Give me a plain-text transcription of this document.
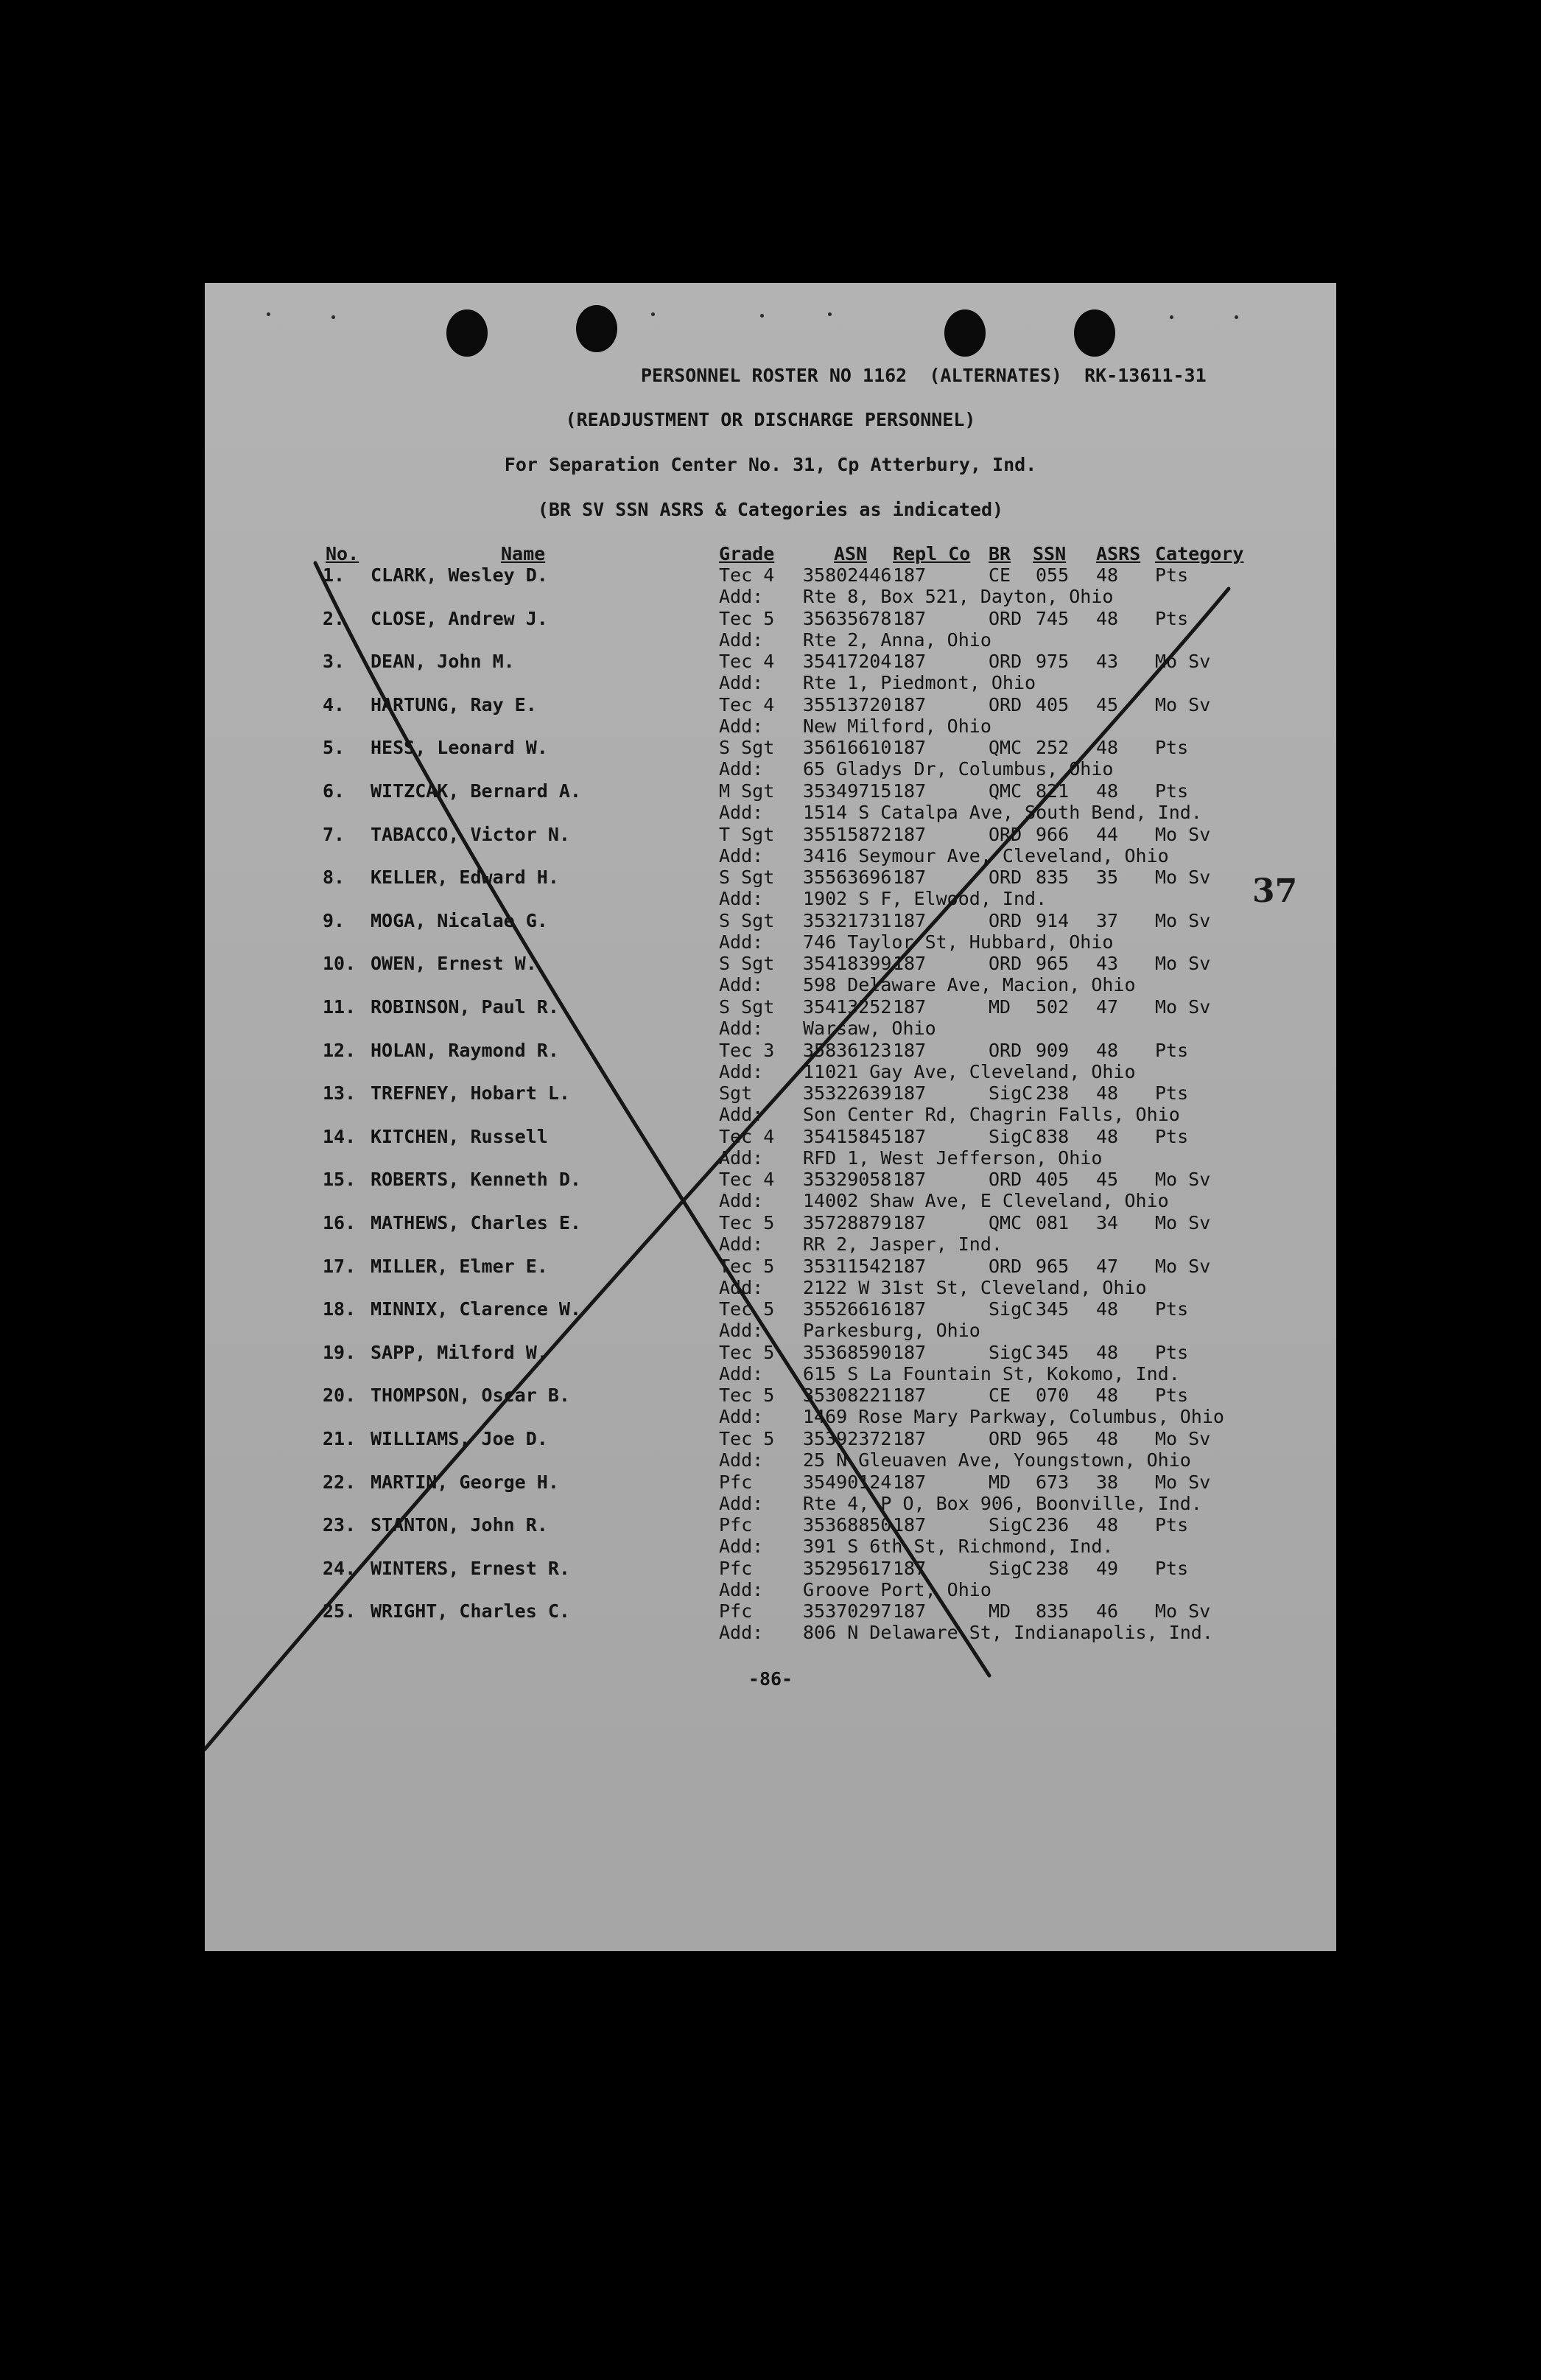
PERSONNEL ROSTER NO 1162 (ALTERNATES) RK-13611-31
(READJUSTMENT OR DISCHARGE PERSONNEL)
For Separation Center No. 31, Cp Atterbury, Ind.
(BR SV SSN ASRS & Categories as indicated)
No.	Name	Grade	ASN Repl Co BR SSN ASRS Category
1. CLARK, Wesley D.	Tec 4 35802446 187	CE 055 48 Pts
Add: Rte 8, Box 521, Dayton, Ohio
2. CLOSE, Andrew J.	Tec 5 35635678 187	ORD 745 48 Pts
Add: Rte 2, Anna, Ohio
3. DEAN, John M.	Tec 4 35417204 187	ORD 975 43 Mo Sv
Add: Rte 1, Piedmont, Ohio
4. HARTUNG, Ray E.	Tec 4 35513720 187	ORD 405 45 Mo Sv
Add: New Milford, Ohio
5. HESS, Leonard W.	S Sgt 35616610 187	QMC 252 48 Pts
Add: 65 Gladys Dr, Columbus, Ohio
6. WITZCAK, Bernard A.	M Sgt 35349715 187	QMC 821 48 Pts
Add: 1514 S Catalpa Ave, South Bend, Ind.
7. TABACCO, Victor N.	T Sgt 35515872 187	ORD 966 44 Mo Sv
Add: 3416 Seymour Ave, Cleveland, Ohio
8. KELLER, Edward H.	S Sgt 35563696 187	ORD 835 35 Mo Sv
Add: 1902 S F, Elwood, Ind.
9. MOGA, Nicalae G.	S Sgt 35321731 187	ORD 914 37 Mo Sv
Add: 746 Taylor St, Hubbard, Ohio
10. OWEN, Ernest W.	S Sgt 35418399 187	ORD 965 43 Mo Sv
Add: 598 Delaware Ave, Macion, Ohio
11. ROBINSON, Paul R.	S Sgt 35413252 187	MD 502 47 Mo Sv
Add: Warsaw, Ohio
12. HOLAN, Raymond R.	Tec 3 35836123 187	ORD 909 48 Pts
Add: 11021 Gay Ave, Cleveland, Ohio
13. TREFNEY, Hobart L.	Sgt	35322639 187	SigC 238 48 Pts
Add: Son Center Rd, Chagrin Falls, Ohio
14. KITCHEN, Russell	Tec 4 35415845 187	SigC 838 48 Pts
Add: RFD 1, West Jefferson, Ohio
15. ROBERTS, Kenneth D.	Tec 4 35329058 187	ORD 405 45 Mo Sv
Add: 14002 Shaw Ave, E Cleveland, Ohio
16. MATHEWS, Charles E.	Tec 5 35728879 187	QMC 081 34 Mo Sv
Add: RR 2, Jasper, Ind.
17. MILLER, Elmer E.	Tec 5 35311542 187	ORD 965 47 Mo Sv
Add: 2122 W 31st St, Cleveland, Ohio
18. MINNIX, Clarence W.	Tec 5 35526616 187	SigC 345 48 Pts
Add: Parkesburg, Ohio
19. SAPP, Milford W.	Tec 5 35368590 187	SigC 345 48 Pts
Add: 615 S La Fountain St, Kokomo, Ind.
20. THOMPSON, Oscar B.	Tec 5 35308221 187	CE 070 48 Pts
Add: 1469 Rose Mary Parkway, Columbus, Ohio
21. WILLIAMS, Joe D.	Tec 5 35392372 187	ORD 965 48 Mo Sv
Add: 25 N Gleuaven Ave, Youngstown, Ohio
22. MARTIN, George H.	Pfc	35490124 187	MD 673 38 Mo Sv
Add: Rte 4, P O, Box 906, Boonville, Ind.
23. STANTON, John R.	Pfc	35368850 187	SigC 236 48 Pts
Add: 391 S 6th St, Richmond, Ind.
24. WINTERS, Ernest R.	Pfc	35295617 187	SigC 238 49 Pts
Add: Groove Port, Ohio
25. WRIGHT, Charles C.	Pfc	35370297 187	MD 835 46 Mo Sv
Add: 806 N Delaware St, Indianapolis, Ind.
-86-
37
